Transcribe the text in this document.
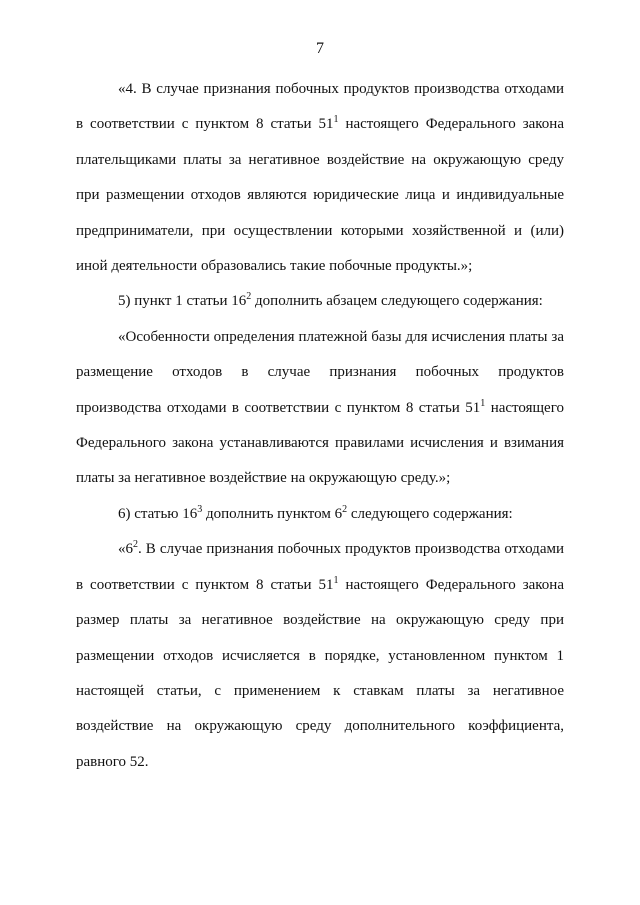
7
«4. В случае признания побочных продуктов производства отходами
в соответствии с пунктом 8 статьи $51^1$ настоящего Федерального закона
плательщиками платы за негативное воздействие на окружающую среду
при размещении отходов являются юридические лица и индивидуальные
предприниматели, при осуществлении которыми хозяйственной и (или)
иной деятельности образовались такие побочные продукты.»;
5) пункт 1 статьи $16^2$ дополнить абзацем следующего содержания:
«Особенности определения платежной базы для исчисления платы за
размещение отходов в случае признания побочных продуктов
производства отходами в соответствии с пунктом 8 статьи $51^1$ настоящего
Федерального закона устанавливаются правилами исчисления и взимания
платы за негативное воздействие на окружающую среду.»;
6) статью $16^3$ дополнить пунктом $6^2$ следующего содержания:
«$6^2$. В случае признания побочных продуктов производства отходами
в соответствии с пунктом 8 статьи $51^1$ настоящего Федерального закона
размер платы за негативное воздействие на окружающую среду при
размещении отходов исчисляется в порядке, установленном пунктом 1
настоящей статьи, с применением к ставкам платы за негативное
воздействие на окружающую среду дополнительного коэффициента,
равного 52.
